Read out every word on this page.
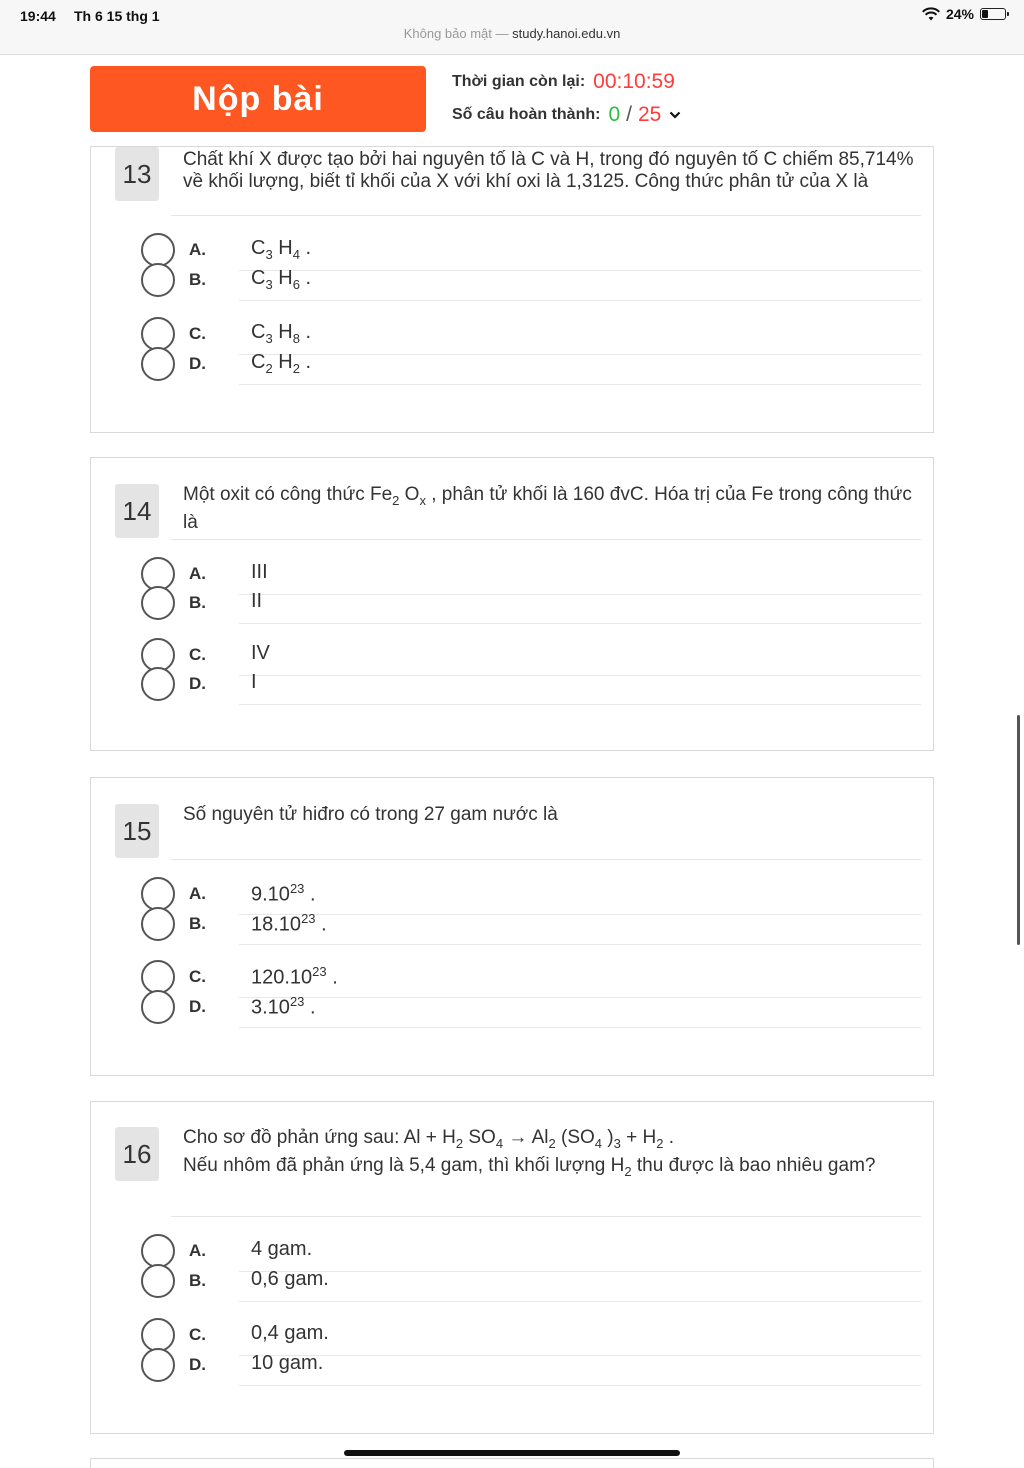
19:44 Th 6 15 thg 1	24%
Không bảo mật — study.hanoi.edu.vn
Nộp bài	Thời gian còn lại: 00:10:59
Số câu hoàn thành: 0 / 25
13	Chất khí X được tạo bởi hai nguyên tố là C và H, trong đó nguyên tố C chiếm 85,714% về khối lượng, biết tỉ khối của X với khí oxi là 1,3125. Công thức phân tử của X là
A. $C_3$ $H_4$ .
B. $C_3$ $H_6$ .
C. $C_3$ $H_8$ .
D. $C_2$ $H_2$ .
14
Một oxit có công thức $Fe_2$ $O_x$ , phân tử khối là 160 đvC. Hóa trị của Fe trong công thức là
A. III
B. II
C. IV
D. I
15
Số nguyên tử hiđro có trong 27 gam nước là
A. 9.10$^{23}$ .
B. 18.10$^{23}$ .
C. 120.10$^{23}$ .
D. 3.10$^{23}$ .
16
Cho sơ đồ phản ứng sau: $Al + H_2$ $SO_4 \to Al_2$ ($SO_4$ )$_3 + H_2$ .
Nếu nhôm đã phản ứng là 5,4 gam, thì khối lượng $H_2$ thu được là bao nhiêu gam?
A. 4 gam.
B. 0,6 gam.
C. 0,4 gam.
D. 10 gam.
